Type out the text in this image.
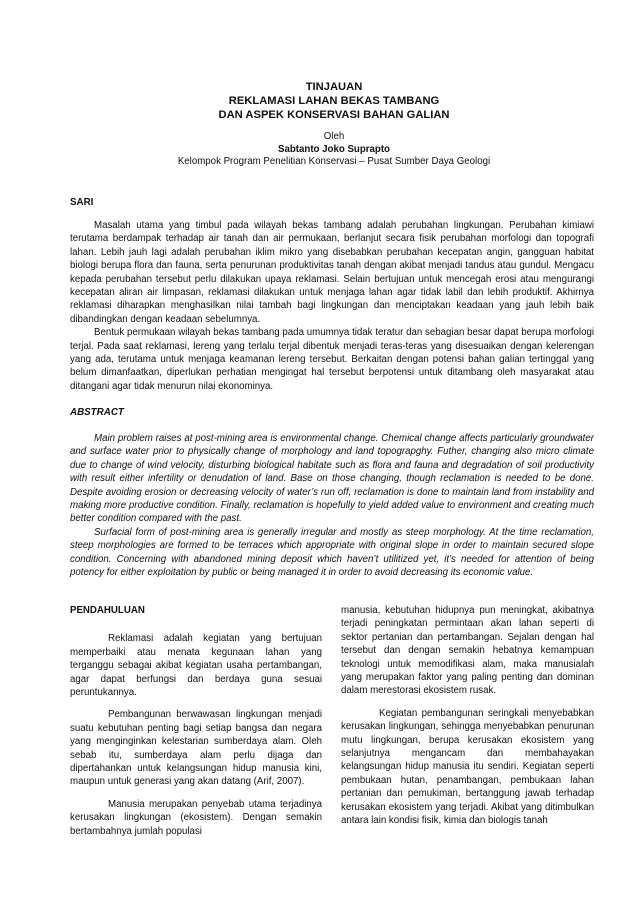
TINJAUAN
REKLAMASI LAHAN BEKAS TAMBANG
DAN ASPEK KONSERVASI BAHAN GALIAN
Oleh
Sabtanto Joko Suprapto
Kelompok Program Penelitian Konservasi – Pusat Sumber Daya Geologi
SARI

Masalah utama yang timbul pada wilayah bekas tambang adalah perubahan lingkungan. Perubahan kimiawi terutama berdampak terhadap air tanah dan air permukaan, berlanjut secara fisik perubahan morfologi dan topografi lahan. Lebih jauh lagi adalah perubahan iklim mikro yang disebabkan perubahan kecepatan angin, gangguan habitat biologi berupa flora dan fauna, serta penurunan produktivitas tanah dengan akibat menjadi tandus atau gundul. Mengacu kepada perubahan tersebut perlu dilakukan upaya reklamasi. Selain bertujuan untuk mencegah erosi atau mengurangi kecepatan aliran air limpasan, reklamasi dilakukan untuk menjaga lahan agar tidak labil dan lebih produktif. Akhirnya reklamasi diharapkan menghasilkan nilai tambah bagi lingkungan dan menciptakan keadaan yang jauh lebih baik dibandingkan dengan keadaan sebelumnya.

Bentuk permukaan wilayah bekas tambang pada umumnya tidak teratur dan sebagian besar dapat berupa morfologi terjal. Pada saat reklamasi, lereng yang terlalu terjal dibentuk menjadi teras-teras yang disesuaikan dengan kelerengan yang ada, terutama untuk menjaga keamanan lereng tersebut. Berkaitan dengan potensi bahan galian tertinggal yang belum dimanfaatkan, diperlukan perhatian mengingat hal tersebut berpotensi untuk ditambang oleh masyarakat atau ditangani agar tidak menurun nilai ekonominya.

ABSTRACT

Main problem raises at post-mining area is environmental change. Chemical change affects particularly groundwater and surface water prior to physically change of morphology and land topograpghy. Futher, changing also micro climate due to change of wind velocity, disturbing biological habitate such as flora and fauna and degradation of soil productivity with result either infertility or denudation of land. Base on those changing, though reclamation is needed to be done. Despite avoiding erosion or decreasing velocity of water’s run off, reclamation is done to maintain land from instability and making more productive condition. Finally, reclamation is hopefully to yield added value to environment and creating much better condition compared with the past.

Surfacial form of post-mining area is generally irregular and mostly as steep morphology. At the time reclamation, steep morphologies are formed to be terraces which appropriate with original slope in order to maintain secured slope condition. Concerning with abandoned mining deposit which haven’t utilitized yet, it’s needed for attention of being potency for either exploitation by public or being managed it in order to avoid decreasing its economic value.

PENDAHULUAN

Reklamasi adalah kegiatan yang bertujuan memperbaiki atau menata kegunaan lahan yang terganggu sebagai akibat kegiatan usaha pertambangan, agar dapat berfungsi dan berdaya guna sesuai peruntukannya.

Pembangunan berwawasan lingkungan menjadi suatu kebutuhan penting bagi setiap bangsa dan negara yang menginginkan kelestarian sumberdaya alam. Oleh sebab itu, sumberdaya alam perlu dijaga dan dipertahankan untuk kelangsungan hidup manusia kini, maupun untuk generasi yang akan datang (Arif, 2007).

Manusia merupakan penyebab utama terjadinya kerusakan lingkungan (ekosistem). Dengan semakin bertambahnya jumlah populasi

manusia, kebutuhan hidupnya pun meningkat, akibatnya terjadi peningkatan permintaan akan lahan seperti di sektor pertanian dan pertambangan. Sejalan dengan hal tersebut dan dengan semakin hebatnya kemampuan teknologi untuk memodifikasi alam, maka manusialah yang merupakan faktor yang paling penting dan dominan dalam merestorasi ekosistem rusak.

Kegiatan pembangunan seringkali menyebabkan kerusakan lingkungan, sehingga menyebabkan penurunan mutu lingkungan, berupa kerusakan ekosistem yang selanjutnya mengancam dan membahayakan kelangsungan hidup manusia itu sendiri. Kegiatan seperti pembukaan hutan, penambangan, pembukaan lahan pertanian dan pemukiman, bertanggung jawab terhadap kerusakan ekosistem yang terjadi. Akibat yang ditimbulkan antara lain kondisi fisik, kimia dan biologis tanah
